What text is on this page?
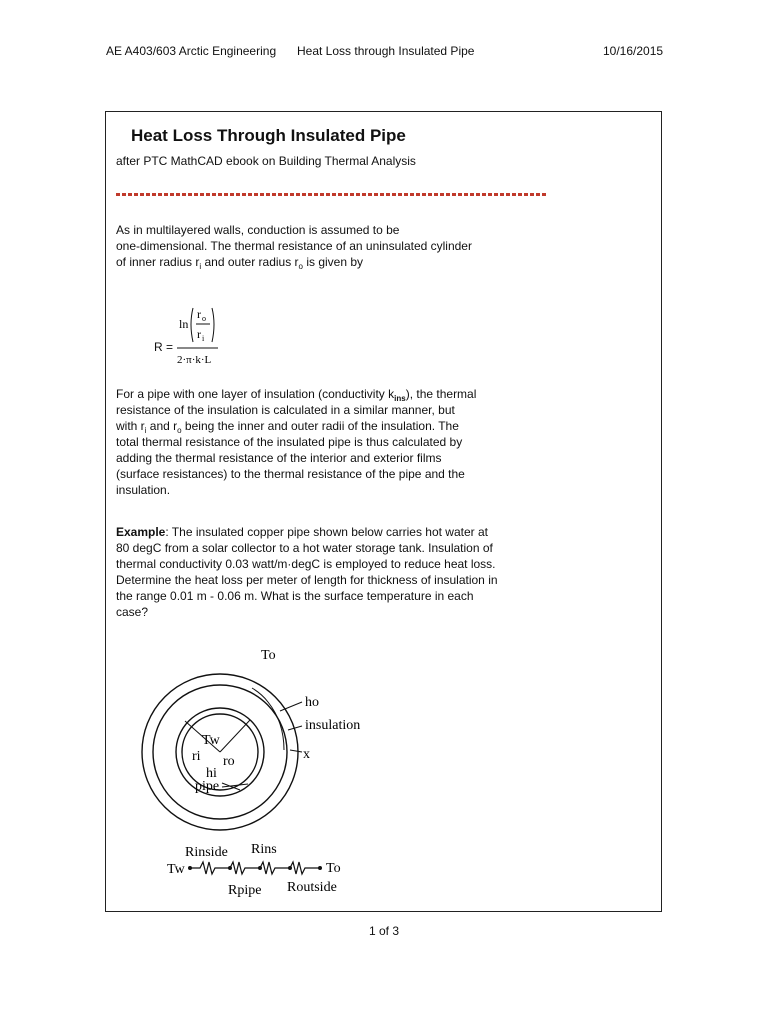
AE A403/603 Arctic Engineering Heat Loss through Insulated Pipe	10/16/2015
Heat Loss Through Insulated Pipe
after PTC MathCAD ebook on Building Thermal Analysis
As in multilayered walls, conduction is assumed to be
one-dimensional. The thermal resistance of an uninsulated cylinder
of inner radius $r_i$ and outer radius $r_o$ is given by
R =
ln
r o
r i
2·π·k·L
For a pipe with one layer of insulation (conductivity $k_{ins}$), the thermal
resistance of the insulation is calculated in a similar manner, but
with $r_i$ and $r_o$ being the inner and outer radii of the insulation. The
total thermal resistance of the insulated pipe is thus calculated by
adding the thermal resistance of the interior and exterior films
(surface resistances) to the thermal resistance of the pipe and the
insulation.
Example: The insulated copper pipe shown below carries hot water at
80 degC from a solar collector to a hot water storage tank. Insulation of
thermal conductivity 0.03 watt/m·degC is employed to reduce heat loss.
Determine the heat loss per meter of length for thickness of insulation in
the range 0.01 m - 0.06 m. What is the surface temperature in each
case?
To
ho
insulation
x
Tw
ri ro
hi
pipe
Rinside Rins
Tw	To
Rpipe Routside
1 of 3
